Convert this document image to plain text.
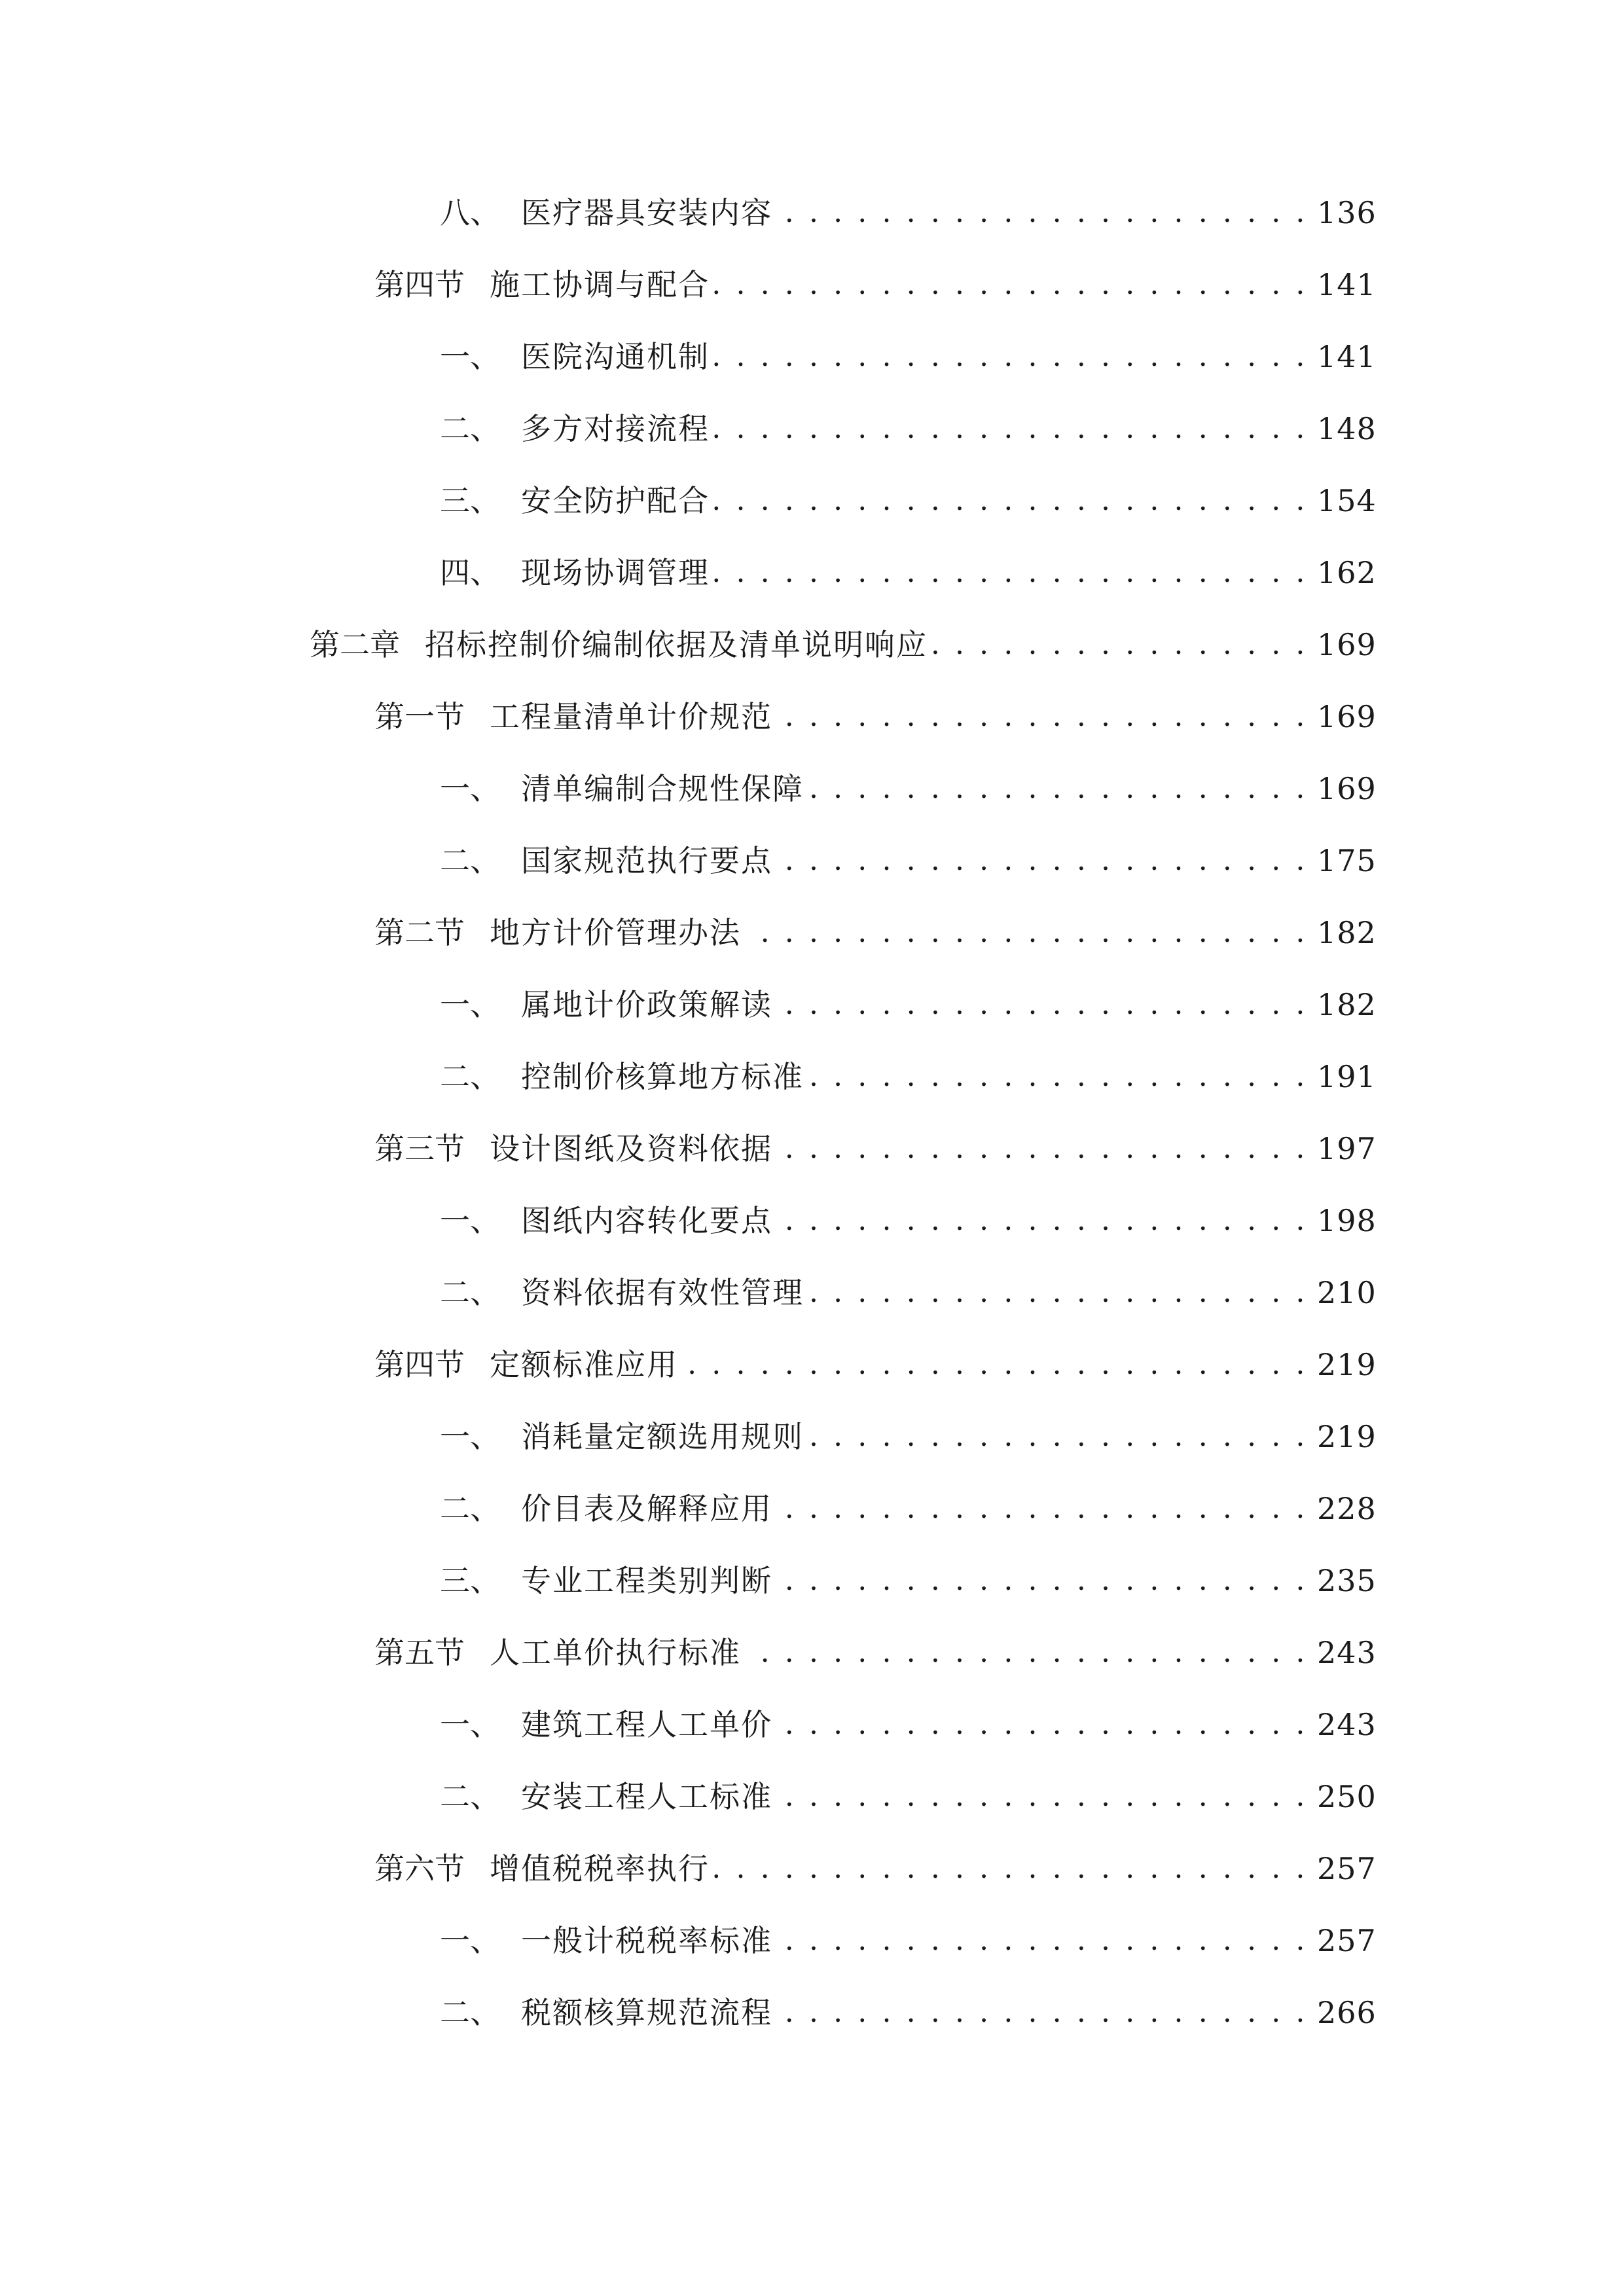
八、 医疗器具安装内容 . . .	136
第四节 施工协调与配合 . . .	141
一、 医院沟通机制 . . .	141
二、 多方对接流程 . . .	148
三、 安全防护配合 . . .	154
四、 现场协调管理 . . .	162
第二章 招标控制价编制依据及清单说明响应 . . .	169
第一节 工程量清单计价规范 . . .	169
一、 清单编制合规性保障 . . .	169
二、 国家规范执行要点 . . .	175
第二节 地方计价管理办法 . . .	182
一、 属地计价政策解读 . . .	182
二、 控制价核算地方标准 . . .	191
第三节 设计图纸及资料依据 . . .	197
一、 图纸内容转化要点 . . .	198
二、 资料依据有效性管理 . . .	210
第四节 定额标准应用 . . .	219
一、 消耗量定额选用规则 . . .	219
二、 价目表及解释应用 . . .	228
三、 专业工程类别判断 . . .	235
第五节 人工单价执行标准 . . .	243
一、 建筑工程人工单价 . . .	243
二、 安装工程人工标准 . . .	250
第六节 增值税税率执行 . . .	257
一、 一般计税税率标准 . . .	257
二、 税额核算规范流程 . . .	266
